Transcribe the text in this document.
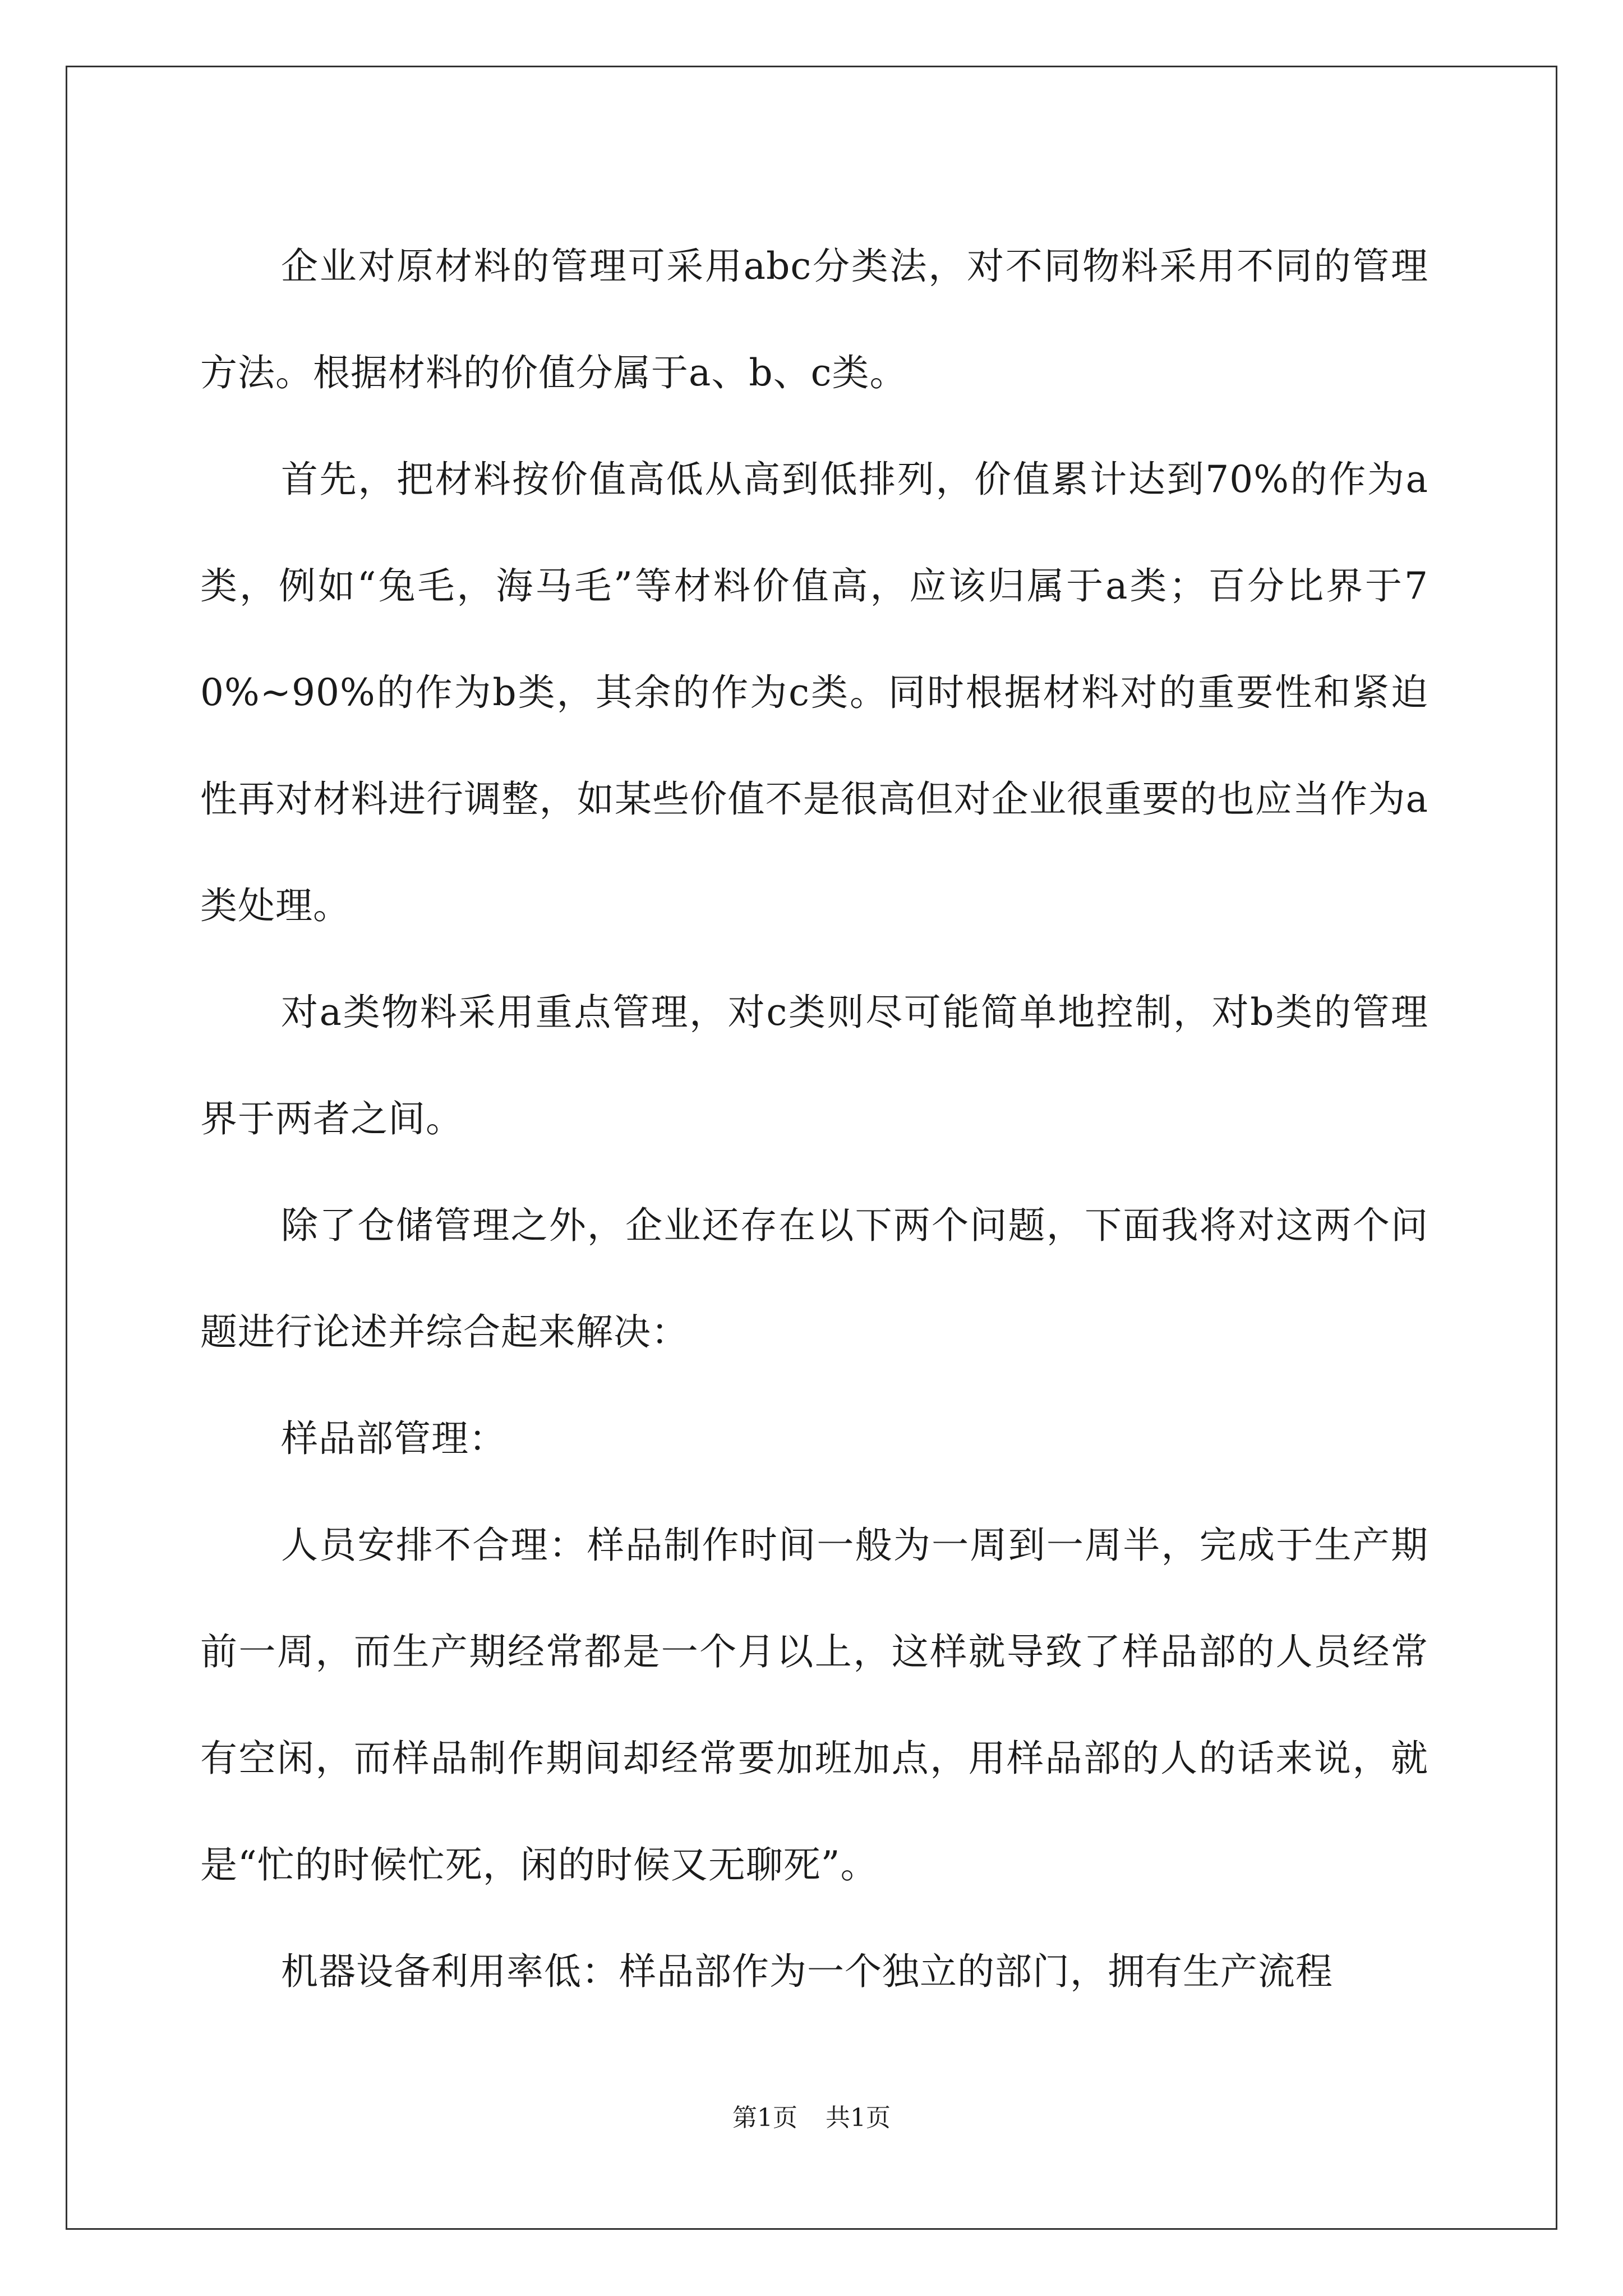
企业对原材料的管理可采用abc分类法，对不同物料采用不同的管理方法。根据材料的价值分属于a、b、c类。

首先，把材料按价值高低从高到低排列，价值累计达到70%的作为a类，例如“兔毛，海马毛”等材料价值高，应该归属于a类；百分比界于70%~90%的作为b类，其余的作为c类。同时根据材料对的重要性和紧迫性再对材料进行调整，如某些价值不是很高但对企业很重要的也应当作为a类处理。

对a类物料采用重点管理，对c类则尽可能简单地控制，对b类的管理界于两者之间。

除了仓储管理之外，企业还存在以下两个问题，下面我将对这两个问题进行论述并综合起来解决：

样品部管理：

人员安排不合理：样品制作时间一般为一周到一周半，完成于生产期前一周，而生产期经常都是一个月以上，这样就导致了样品部的人员经常有空闲，而样品制作期间却经常要加班加点，用样品部的人的话来说，就是“忙的时候忙死，闲的时候又无聊死”。

机器设备利用率低：样品部作为一个独立的部门，拥有生产流程

第1页 共1页
